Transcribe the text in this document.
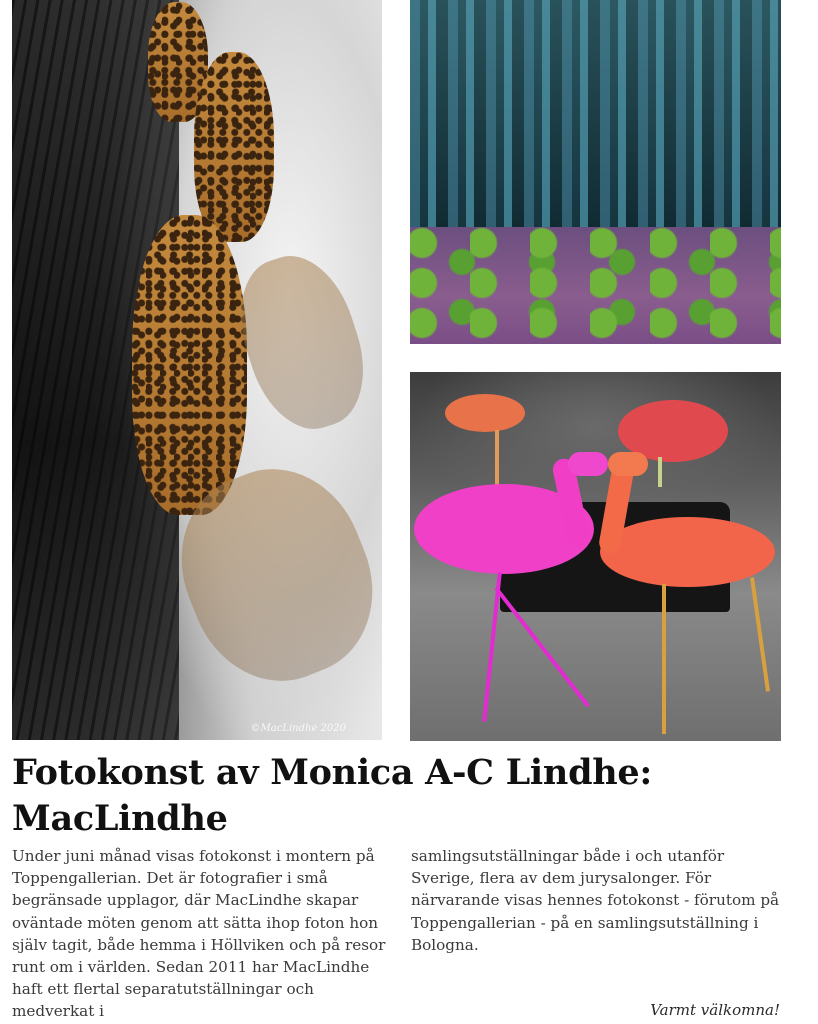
©MacLindhe 2020
Fotokonst av Monica A-C Lindhe:
MacLindhe

Under juni månad visas fotokonst i montern på Toppengallerian. Det är fotografier i små begränsade upplagor, där MacLindhe skapar oväntade möten genom att sätta ihop foton hon själv tagit, både hemma i Höllviken och på resor runt om i världen. Sedan 2011 har MacLindhe haft ett flertal separatutställningar och medverkat i

samlingsutställningar både i och utanför Sverige, flera av dem jurysalonger. För närvarande visas hennes fotokonst - förutom på Toppengallerian - på en samlingsutställning i Bologna.

Varmt välkomna!
